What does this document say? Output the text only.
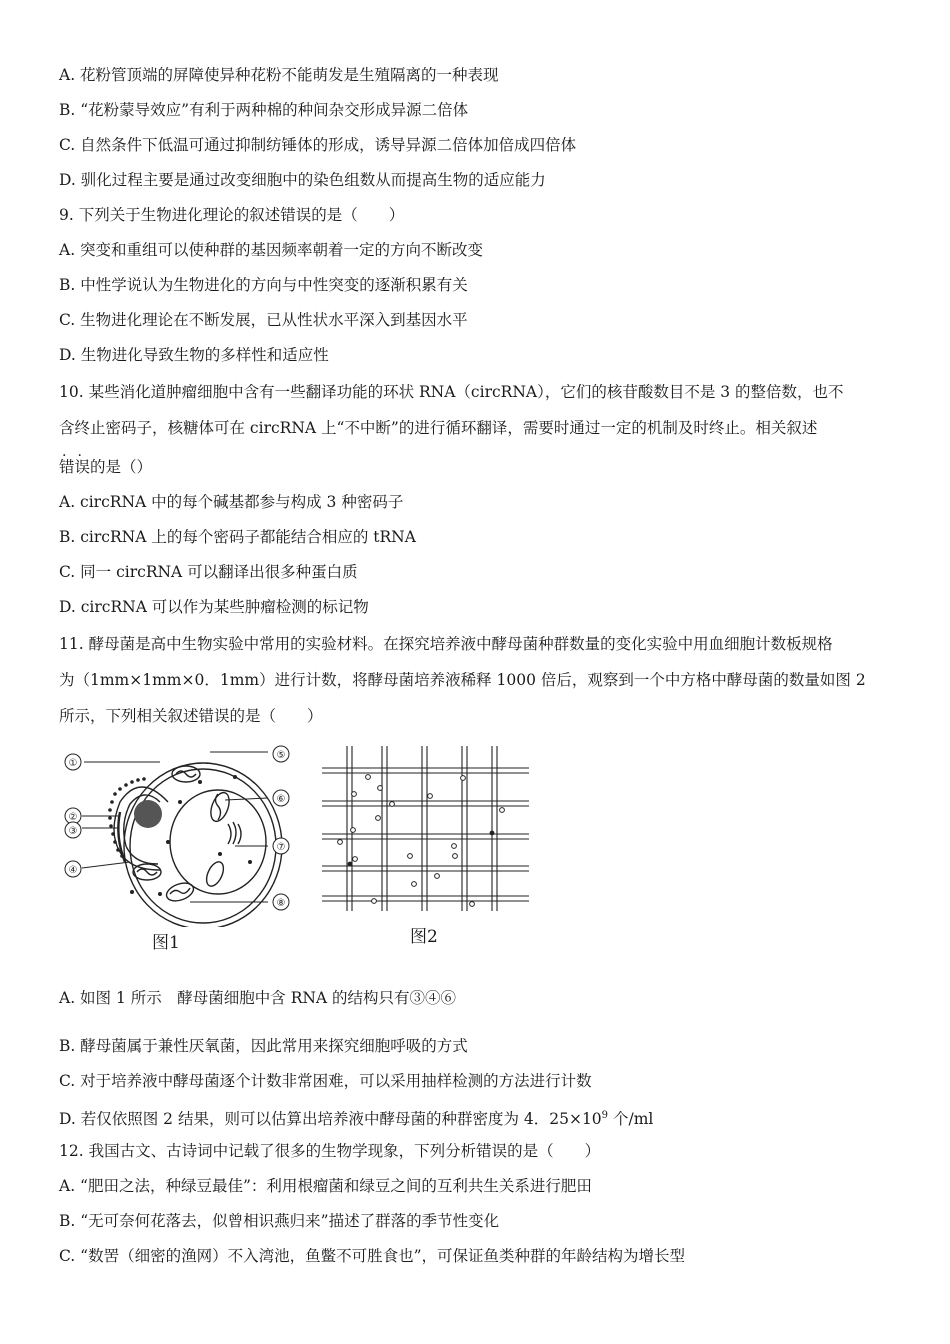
A. 花粉管顶端的屏障使异种花粉不能萌发是生殖隔离的一种表现
B. “花粉蒙导效应”有利于两种棉的种间杂交形成异源二倍体
C. 自然条件下低温可通过抑制纺锤体的形成，诱导异源二倍体加倍成四倍体
D. 驯化过程主要是通过改变细胞中的染色组数从而提高生物的适应能力
9. 下列关于生物进化理论的叙述错误的是（　　）
A. 突变和重组可以使种群的基因频率朝着一定的方向不断改变
B. 中性学说认为生物进化的方向与中性突变的逐渐积累有关
C. 生物进化理论在不断发展，已从性状水平深入到基因水平
D. 生物进化导致生物的多样性和适应性
10. 某些消化道肿瘤细胞中含有一些翻译功能的环状 RNA（circRNA），它们的核苷酸数目不是 3 的整倍数，也不
含终止密码子，核糖体可在 circRNA 上“不中断”的进行循环翻译，需要时通过一定的机制及时终止。相关叙述
..
错误的是（）
A. circRNA 中的每个碱基都参与构成 3 种密码子
B. circRNA 上的每个密码子都能结合相应的 tRNA
C. 同一 circRNA 可以翻译出很多种蛋白质
D. circRNA 可以作为某些肿瘤检测的标记物
11. 酵母菌是高中生物实验中常用的实验材料。在探究培养液中酵母菌种群数量的变化实验中用血细胞计数板规格
为（1mm×1mm×0．1mm）进行计数，将酵母菌培养液稀释 1000 倍后，观察到一个中方格中酵母菌的数量如图 2
所示，下列相关叙述错误的是（　　）
①
②
③
④
⑤
⑥
⑦
⑧
图1	图2
A. 如图 1 所示　酵母菌细胞中含 RNA 的结构只有③④⑥
B. 酵母菌属于兼性厌氧菌，因此常用来探究细胞呼吸的方式
C. 对于培养液中酵母菌逐个计数非常困难，可以采用抽样检测的方法进行计数
D. 若仅依照图 2 结果，则可以估算出培养液中酵母菌的种群密度为 4．$25\times 10^9$ 个/ml
12. 我国古文、古诗词中记载了很多的生物学现象，下列分析错误的是（　　）
A. “肥田之法，种绿豆最佳”：利用根瘤菌和绿豆之间的互利共生关系进行肥田
B. “无可奈何花落去，似曾相识燕归来”描述了群落的季节性变化
C. “数罟（细密的渔网）不入湾池，鱼鳖不可胜食也”，可保证鱼类种群的年龄结构为增长型
